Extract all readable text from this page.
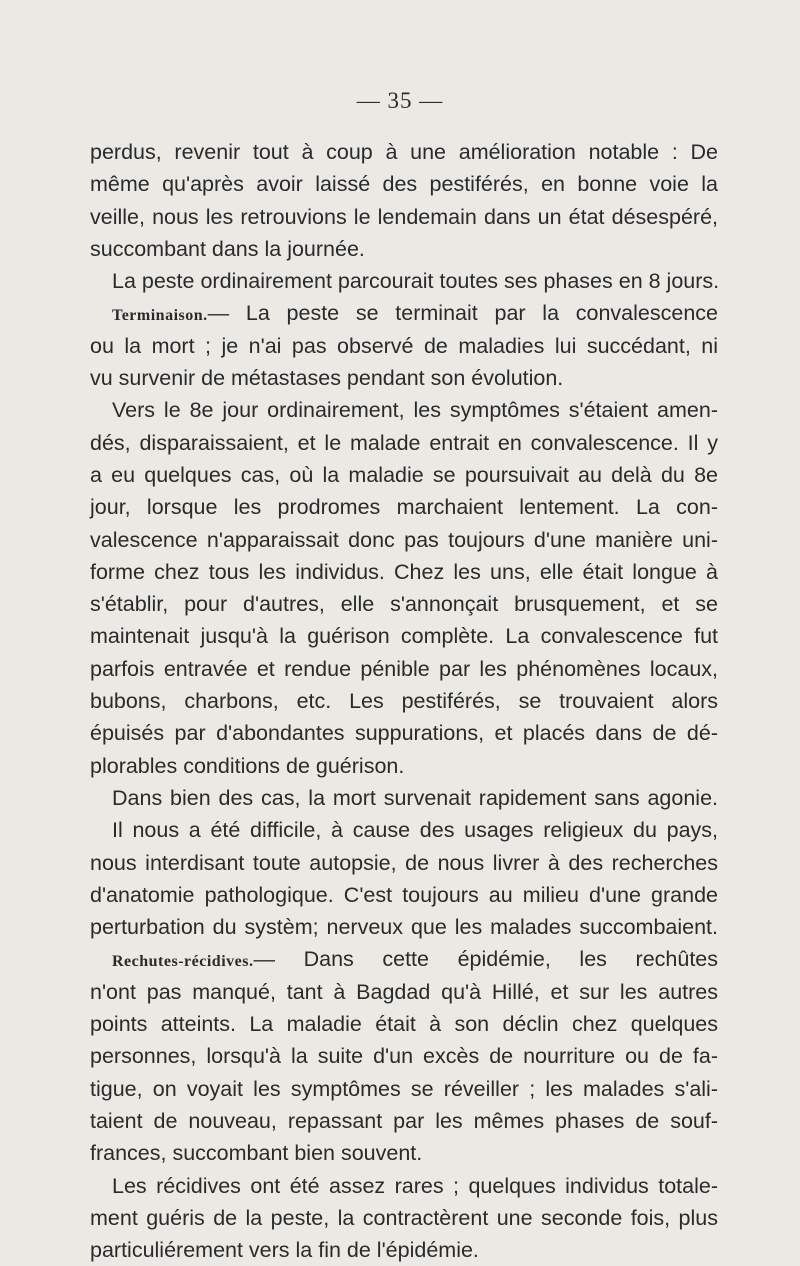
— 35 —
perdus, revenir tout à coup à une amélioration notable : De
même qu'après avoir laissé des pestiférés, en bonne voie la
veille, nous les retrouvions le lendemain dans un état désespéré,
succombant dans la journée.
La peste ordinairement parcourait toutes ses phases en 8 jours.
Terminaison.— La peste se terminait par la convalescence
ou la mort ; je n'ai pas observé de maladies lui succédant, ni
vu survenir de métastases pendant son évolution.
Vers le 8e jour ordinairement, les symptômes s'étaient amen-
dés, disparaissaient, et le malade entrait en convalescence. Il y
a eu quelques cas, où la maladie se poursuivait au delà du 8e
jour, lorsque les prodromes marchaient lentement. La con-
valescence n'apparaissait donc pas toujours d'une manière uni-
forme chez tous les individus. Chez les uns, elle était longue à
s'établir, pour d'autres, elle s'annonçait brusquement, et se
maintenait jusqu'à la guérison complète. La convalescence fut
parfois entravée et rendue pénible par les phénomènes locaux,
bubons, charbons, etc. Les pestiférés, se trouvaient alors
épuisés par d'abondantes suppurations, et placés dans de dé-
plorables conditions de guérison.
Dans bien des cas, la mort survenait rapidement sans agonie.
Il nous a été difficile, à cause des usages religieux du pays,
nous interdisant toute autopsie, de nous livrer à des recherches
d'anatomie pathologique. C'est toujours au milieu d'une grande
perturbation du systèm; nerveux que les malades succombaient.
Rechutes-récidives.— Dans cette épidémie, les rechûtes
n'ont pas manqué, tant à Bagdad qu'à Hillé, et sur les autres
points atteints. La maladie était à son déclin chez quelques
personnes, lorsqu'à la suite d'un excès de nourriture ou de fa-
tigue, on voyait les symptômes se réveiller ; les malades s'ali-
taient de nouveau, repassant par les mêmes phases de souf-
frances, succombant bien souvent.
Les récidives ont été assez rares ; quelques individus totale-
ment guéris de la peste, la contractèrent une seconde fois, plus
particuliérement vers la fin de l'épidémie.
